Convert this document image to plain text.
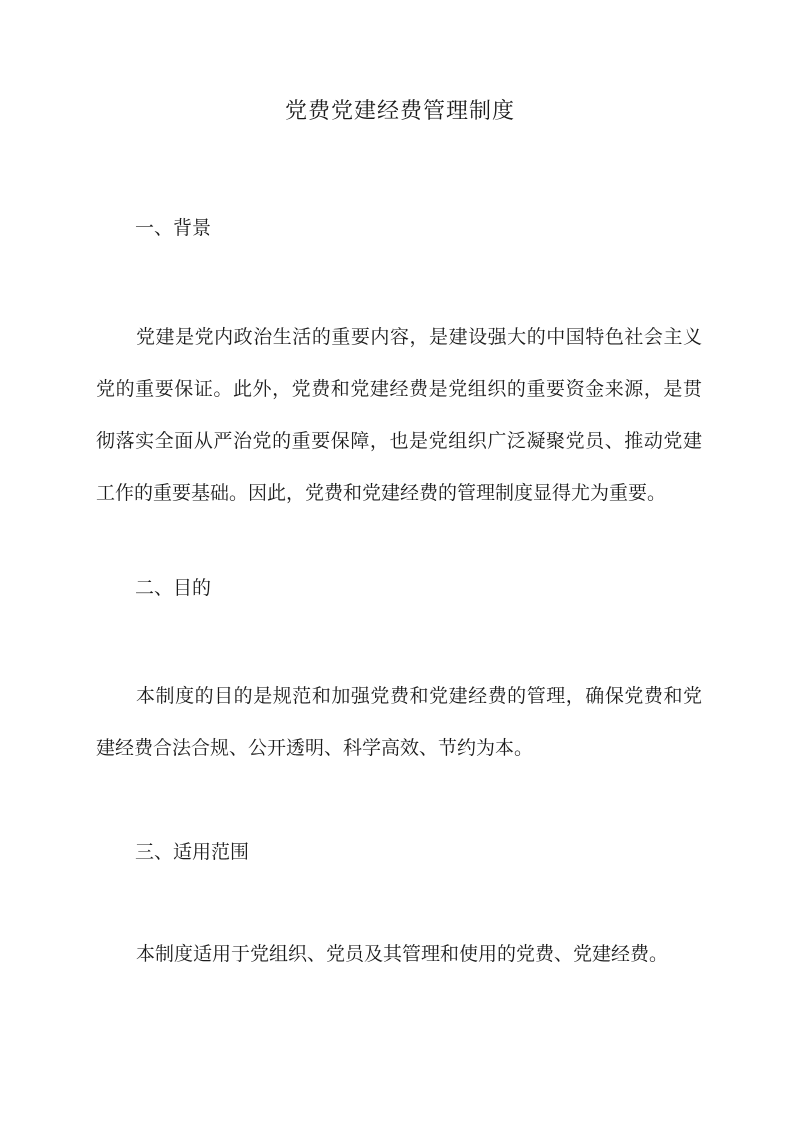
党费党建经费管理制度
一、背景

党建是党内政治生活的重要内容，是建设强大的中国特色社会主义党的重要保证。此外，党费和党建经费是党组织的重要资金来源，是贯彻落实全面从严治党的重要保障，也是党组织广泛凝聚党员、推动党建工作的重要基础。因此，党费和党建经费的管理制度显得尤为重要。

二、目的

本制度的目的是规范和加强党费和党建经费的管理，确保党费和党建经费合法合规、公开透明、科学高效、节约为本。

三、适用范围

本制度适用于党组织、党员及其管理和使用的党费、党建经费。
